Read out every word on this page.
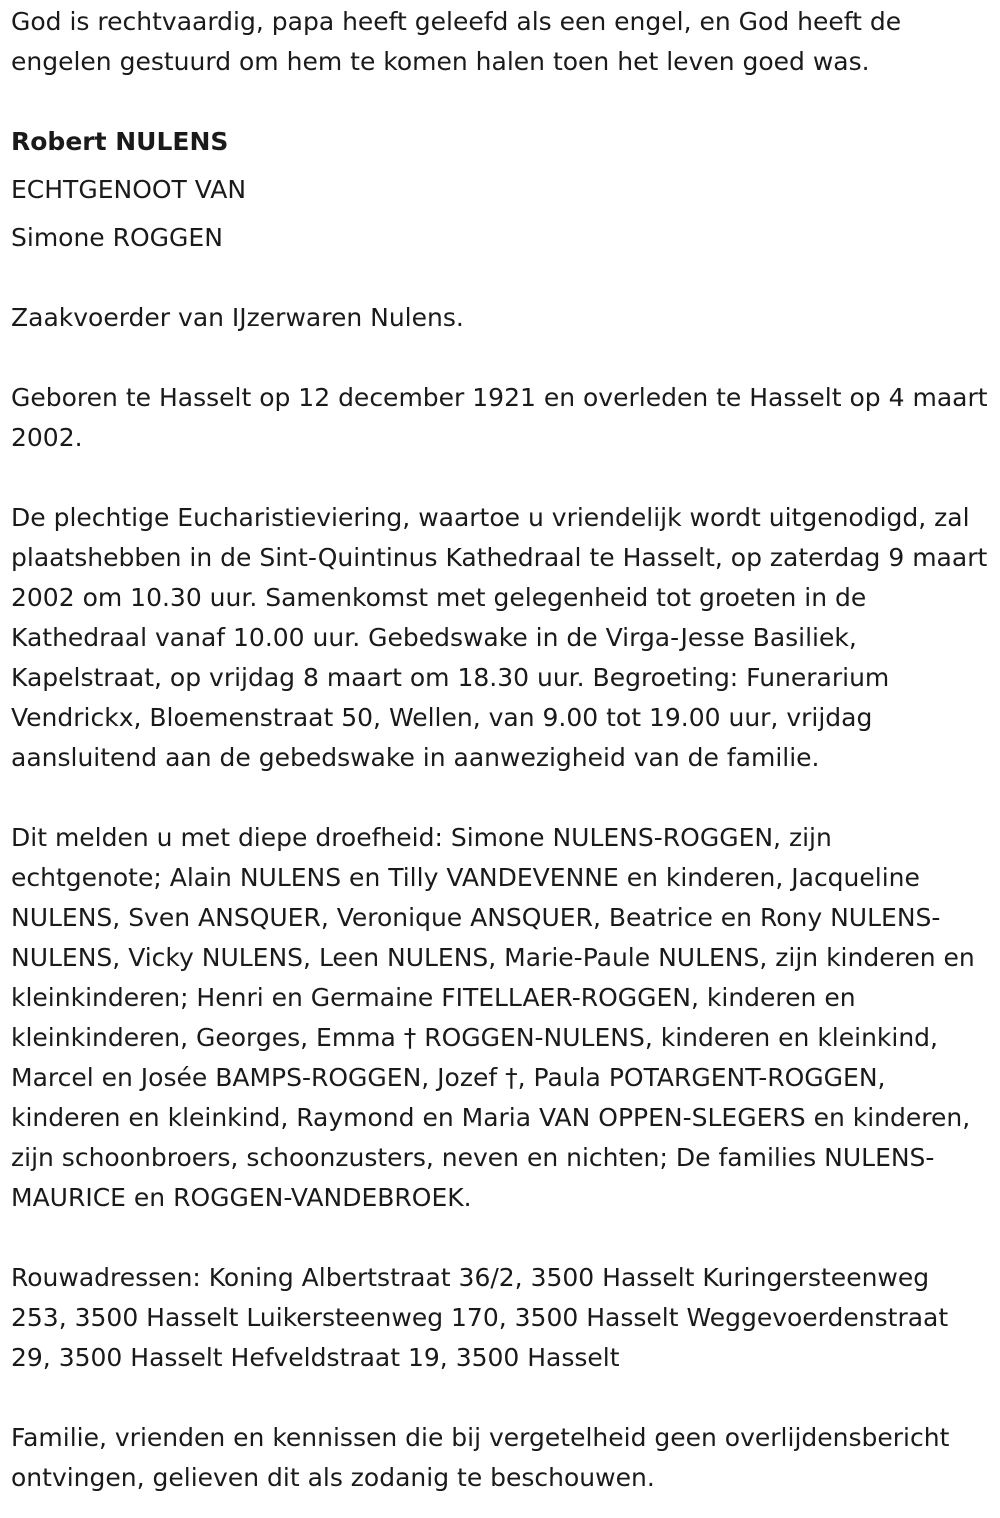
God is rechtvaardig, papa heeft geleefd als een engel, en God heeft de engelen gestuurd om hem te komen halen toen het leven goed was.

Robert NULENS

ECHTGENOOT VAN

Simone ROGGEN

Zaakvoerder van IJzerwaren Nulens.

Geboren te Hasselt op 12 december 1921 en overleden te Hasselt op 4 maart 2002.

De plechtige Eucharistieviering, waartoe u vriendelijk wordt uitgenodigd, zal plaatshebben in de Sint-Quintinus Kathedraal te Hasselt, op zaterdag 9 maart 2002 om 10.30 uur. Samenkomst met gelegenheid tot groeten in de Kathedraal vanaf 10.00 uur. Gebedswake in de Virga-Jesse Basiliek, Kapelstraat, op vrijdag 8 maart om 18.30 uur. Begroeting: Funerarium Vendrickx, Bloemenstraat 50, Wellen, van 9.00 tot 19.00 uur, vrijdag aansluitend aan de gebedswake in aanwezigheid van de familie.

Dit melden u met diepe droefheid: Simone NULENS-ROGGEN, zijn echtgenote; Alain NULENS en Tilly VANDEVENNE en kinderen, Jacqueline NULENS, Sven ANSQUER, Veronique ANSQUER, Beatrice en Rony NULENS-NULENS, Vicky NULENS, Leen NULENS, Marie-Paule NULENS, zijn kinderen en kleinkinderen; Henri en Germaine FITELLAER-ROGGEN, kinderen en kleinkinderen, Georges, Emma † ROGGEN-NULENS, kinderen en kleinkind, Marcel en Josée BAMPS-ROGGEN, Jozef †, Paula POTARGENT-ROGGEN, kinderen en kleinkind, Raymond en Maria VAN OPPEN-SLEGERS en kinderen, zijn schoonbroers, schoonzusters, neven en nichten; De families NULENS-MAURICE en ROGGEN-VANDEBROEK.

Rouwadressen: Koning Albertstraat 36/2, 3500 Hasselt Kuringersteenweg 253, 3500 Hasselt Luikersteenweg 170, 3500 Hasselt Weggevoerdenstraat 29, 3500 Hasselt Hefveldstraat 19, 3500 Hasselt

Familie, vrienden en kennissen die bij vergetelheid geen overlijdensbericht ontvingen, gelieven dit als zodanig te beschouwen.
